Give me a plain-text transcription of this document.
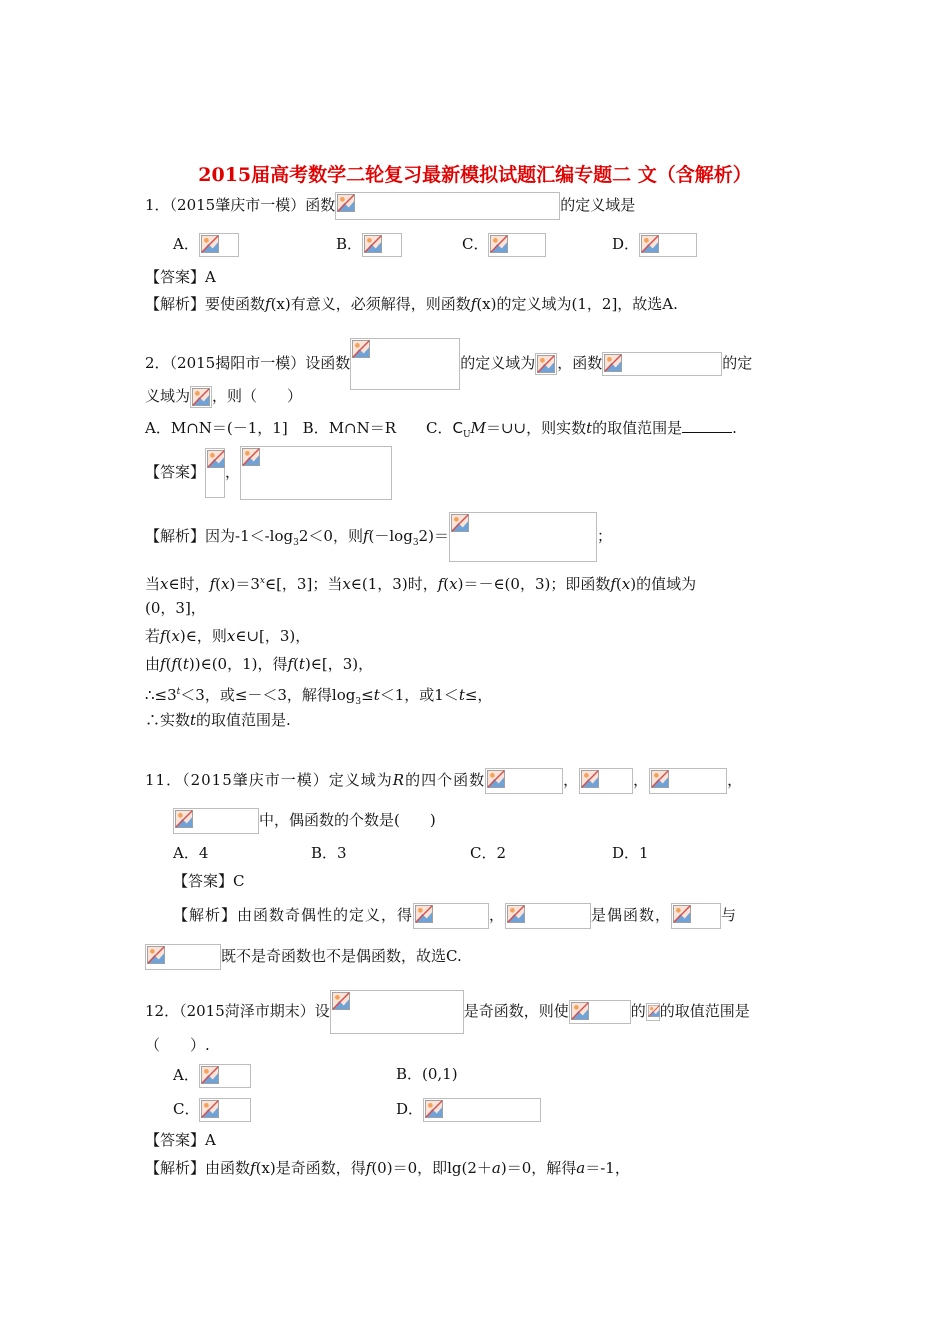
2015届高考数学二轮复习最新模拟试题汇编专题二 文（含解析）
1．（2015肇庆市一模）函数	的定义域是
A．	B．	C．	D．
【答案】A
【解析】要使函数f(x)有意义，必须解得，则函数f(x)的定义域为(1，2]，故选A.
2．（2015揭阳市一模）设函数	的定义域为 ，函数	的定
义域为 ，则（　　）
A．M∩N＝(－1，1]　B．M∩N＝R　　C．$C_UM=\cup\cup$，则实数t的取值范围是	.
【答案】 ，
【解析】因为$-1<-\log_32<0$，则$f(-\log_32)=$	；
当x∈时，$f(x)=3^x\in$[，3]；当x∈(1，3)时，f(x)＝－∈(0，3)；即函数f(x)的值域为
(0，3]，
若f(x)∈，则x∈∪[，3)，
由f(f(t))∈(0，1)，得f(t)∈[，3)，
$\therefore\le 3^t<3$，或≤－＜3，解得$\log_3\le t<1$，或1＜t≤，
∴实数t的取值范围是.
11．（2015肇庆市一模）定义域为R的四个函数	，	，	，
中，偶函数的个数是(　　)
A．4	B．3	C．2	D．1
【答案】C
【解析】由函数奇偶性的定义，得	，	是偶函数，	与
既不是奇函数也不是偶函数，故选C.
12．（2015菏泽市期末）设	是奇函数，则使	的 的取值范围是
（　　）.
A．	B．(0,1)
C．	D．
【答案】A
【解析】由函数f(x)是奇函数，得f(0)＝0，即lg(2＋a)＝0，解得a＝-1，
